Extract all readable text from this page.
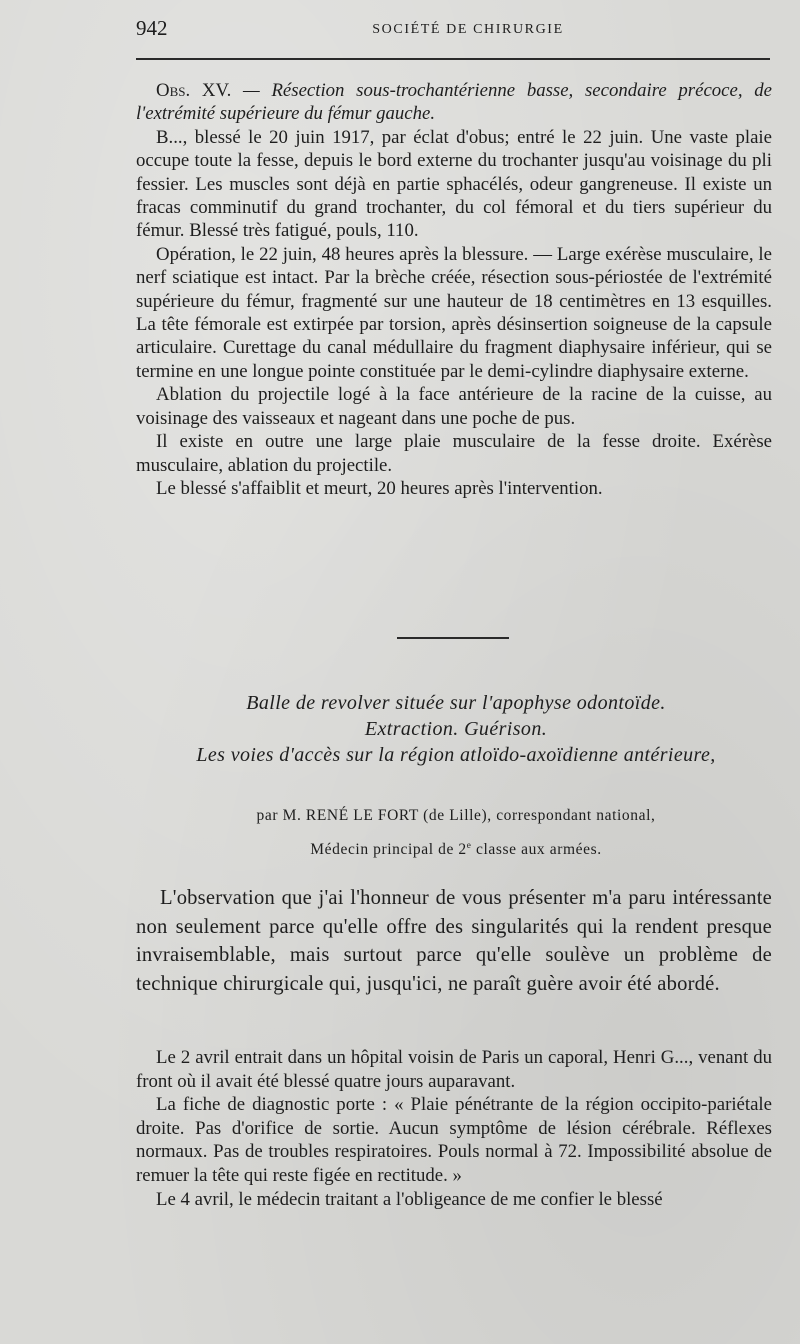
942	SOCIÉTÉ DE CHIRURGIE

Obs. XV. — Résection sous-trochantérienne basse, secondaire précoce, de l'extrémité supérieure du fémur gauche.

B..., blessé le 20 juin 1917, par éclat d'obus; entré le 22 juin. Une vaste plaie occupe toute la fesse, depuis le bord externe du trochanter jusqu'au voisinage du pli fessier. Les muscles sont déjà en partie sphacélés, odeur gangreneuse. Il existe un fracas comminutif du grand trochanter, du col fémoral et du tiers supérieur du fémur. Blessé très fatigué, pouls, 110.

Opération, le 22 juin, 48 heures après la blessure. — Large exérèse musculaire, le nerf sciatique est intact. Par la brèche créée, résection sous-périostée de l'extrémité supérieure du fémur, fragmenté sur une hauteur de 18 centimètres en 13 esquilles. La tête fémorale est extirpée par torsion, après désinsertion soigneuse de la capsule articulaire. Curettage du canal médullaire du fragment diaphysaire inférieur, qui se termine en une longue pointe constituée par le demi-cylindre diaphysaire externe.

Ablation du projectile logé à la face antérieure de la racine de la cuisse, au voisinage des vaisseaux et nageant dans une poche de pus.

Il existe en outre une large plaie musculaire de la fesse droite. Exérèse musculaire, ablation du projectile.

Le blessé s'affaiblit et meurt, 20 heures après l'intervention.

Balle de revolver située sur l'apophyse odontoïde.
Extraction. Guérison.
Les voies d'accès sur la région atloïdo-axoïdienne antérieure,
par M. RENÉ LE FORT (de Lille), correspondant national,
Médecin principal de 2e classe aux armées.

L'observation que j'ai l'honneur de vous présenter m'a paru intéressante non seulement parce qu'elle offre des singularités qui la rendent presque invraisemblable, mais surtout parce qu'elle soulève un problème de technique chirurgicale qui, jusqu'ici, ne paraît guère avoir été abordé.

Le 2 avril entrait dans un hôpital voisin de Paris un caporal, Henri G..., venant du front où il avait été blessé quatre jours auparavant.

La fiche de diagnostic porte : « Plaie pénétrante de la région occipito-pariétale droite. Pas d'orifice de sortie. Aucun symptôme de lésion cérébrale. Réflexes normaux. Pas de troubles respiratoires. Pouls normal à 72. Impossibilité absolue de remuer la tête qui reste figée en rectitude. »

Le 4 avril, le médecin traitant a l'obligeance de me confier le blessé
